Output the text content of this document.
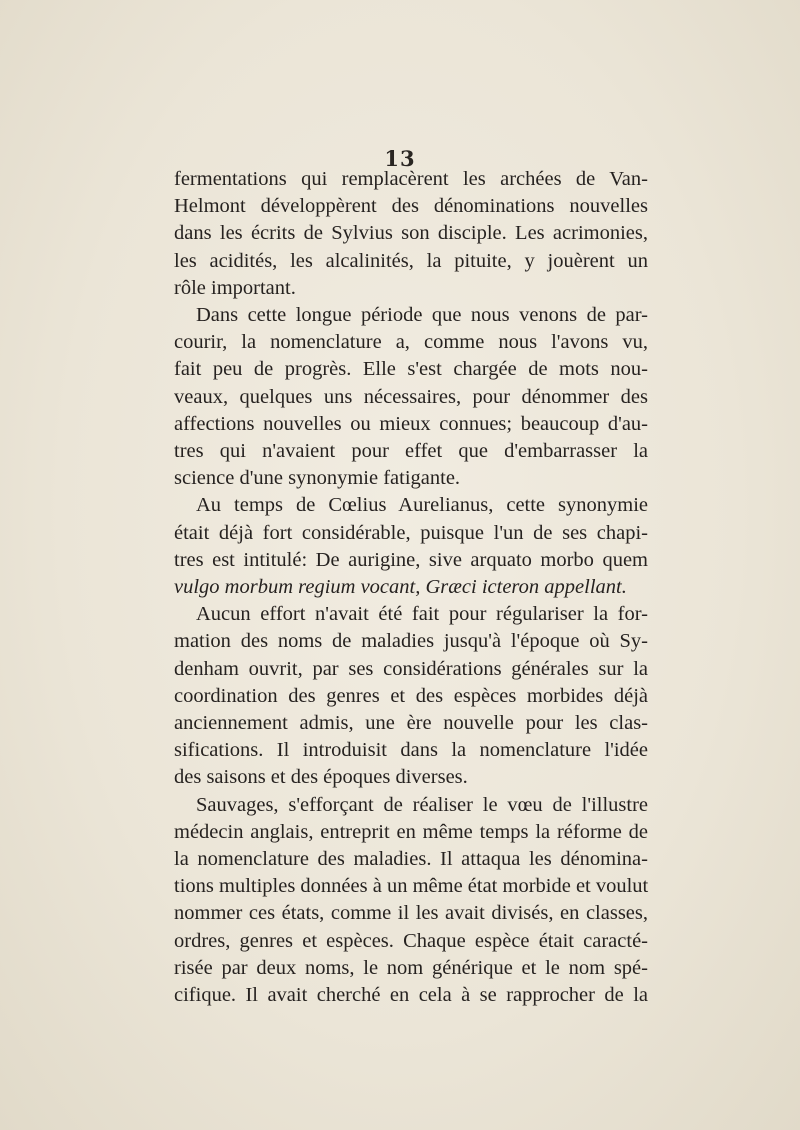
13
fermentations qui remplacèrent les archées de Van-
Helmont développèrent des dénominations nouvelles
dans les écrits de Sylvius son disciple. Les acrimonies,
les acidités, les alcalinités, la pituite, y jouèrent un
rôle important.
Dans cette longue période que nous venons de par-
courir, la nomenclature a, comme nous l'avons vu,
fait peu de progrès. Elle s'est chargée de mots nou-
veaux, quelques uns nécessaires, pour dénommer des
affections nouvelles ou mieux connues; beaucoup d'au-
tres qui n'avaient pour effet que d'embarrasser la
science d'une synonymie fatigante.
Au temps de Cœlius Aurelianus, cette synonymie
était déjà fort considérable, puisque l'un de ses chapi-
tres est intitulé: De aurigine, sive arquato morbo quem
vulgo morbum regium vocant, Græci icteron appellant.
Aucun effort n'avait été fait pour régulariser la for-
mation des noms de maladies jusqu'à l'époque où Sy-
denham ouvrit, par ses considérations générales sur la
coordination des genres et des espèces morbides déjà
anciennement admis, une ère nouvelle pour les clas-
sifications. Il introduisit dans la nomenclature l'idée
des saisons et des époques diverses.
Sauvages, s'efforçant de réaliser le vœu de l'illustre
médecin anglais, entreprit en même temps la réforme de
la nomenclature des maladies. Il attaqua les dénomina-
tions multiples données à un même état morbide et voulut
nommer ces états, comme il les avait divisés, en classes,
ordres, genres et espèces. Chaque espèce était caracté-
risée par deux noms, le nom générique et le nom spé-
cifique. Il avait cherché en cela à se rapprocher de la
